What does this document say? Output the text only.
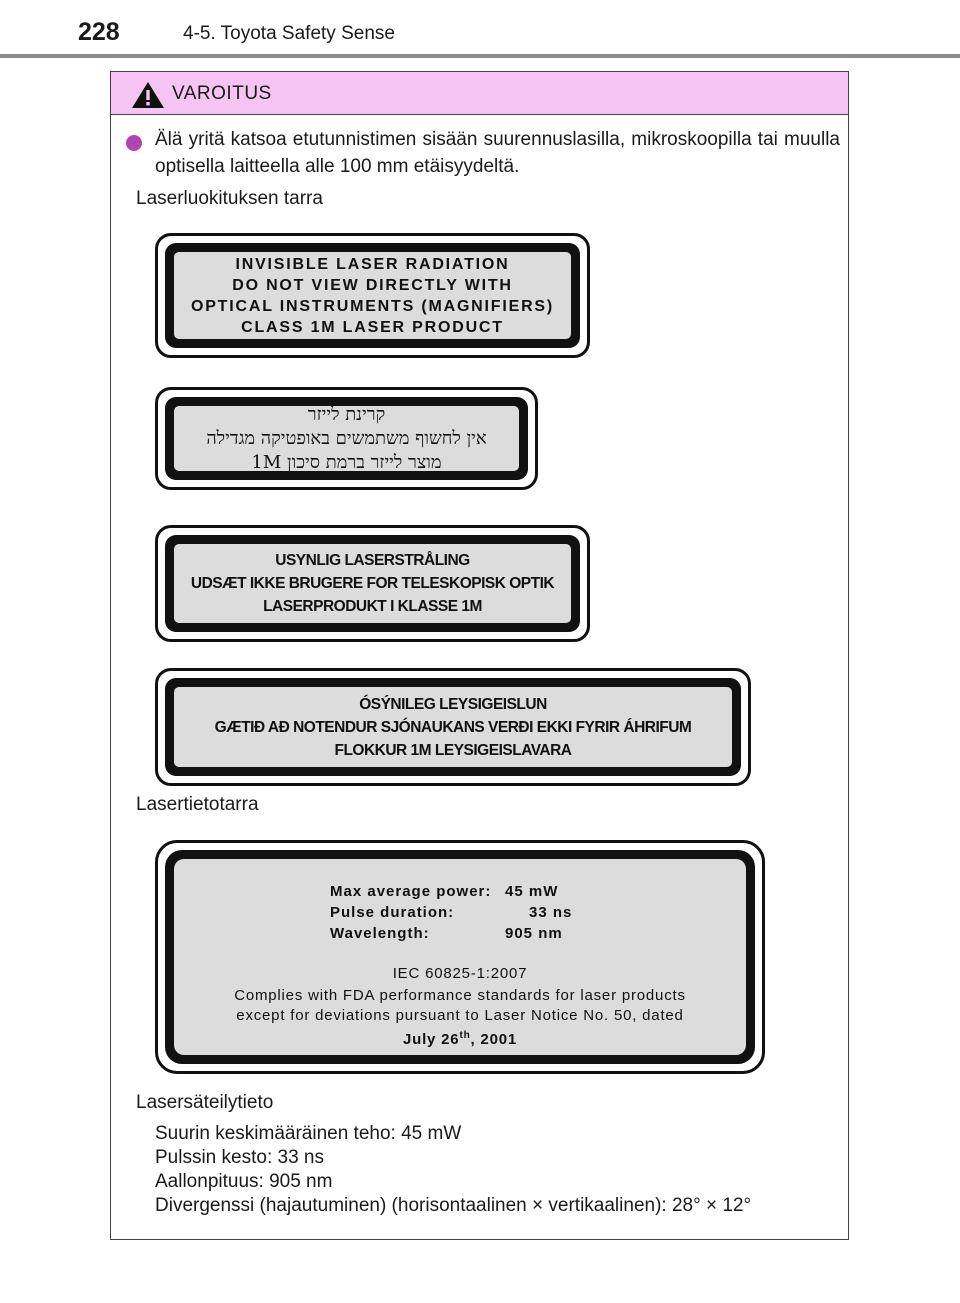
228	4-5. Toyota Safety Sense
VAROITUS
Älä yritä katsoa etutunnistimen sisään suurennuslasilla, mikroskoopilla tai muulla optisella laitteella alle 100 mm etäisyydeltä.
Laserluokituksen tarra
INVISIBLE LASER RADIATION
DO NOT VIEW DIRECTLY WITH
OPTICAL INSTRUMENTS (MAGNIFIERS)
CLASS 1M LASER PRODUCT
קרינת לייזר
אין לחשוף משתמשים באופטיקה מגדילה
מוצר לייזר ברמת סיכון 1M
USYNLIG LASERSTRÅLING
UDSÆT IKKE BRUGERE FOR TELESKOPISK OPTIK
LASERPRODUKT I KLASSE 1M
ÓSÝNILEG LEYSIGEISLUN
GÆTIÐ AÐ NOTENDUR SJÓNAUKANS VERÐI EKKI FYRIR ÁHRIFUM
FLOKKUR 1M LEYSIGEISLAVARA
Lasertietotarra
Max average power: 45 mW
Pulse duration:	33 ns
Wavelength:	905 nm
IEC 60825-1:2007
Complies with FDA performance standards for laser products
except for deviations pursuant to Laser Notice No. 50, dated
July 26th, 2001
Lasersäteilytieto
Suurin keskimääräinen teho: 45 mW
Pulssin kesto: 33 ns
Aallonpituus: 905 nm
Divergenssi (hajautuminen) (horisontaalinen × vertikaalinen): 28° × 12°
